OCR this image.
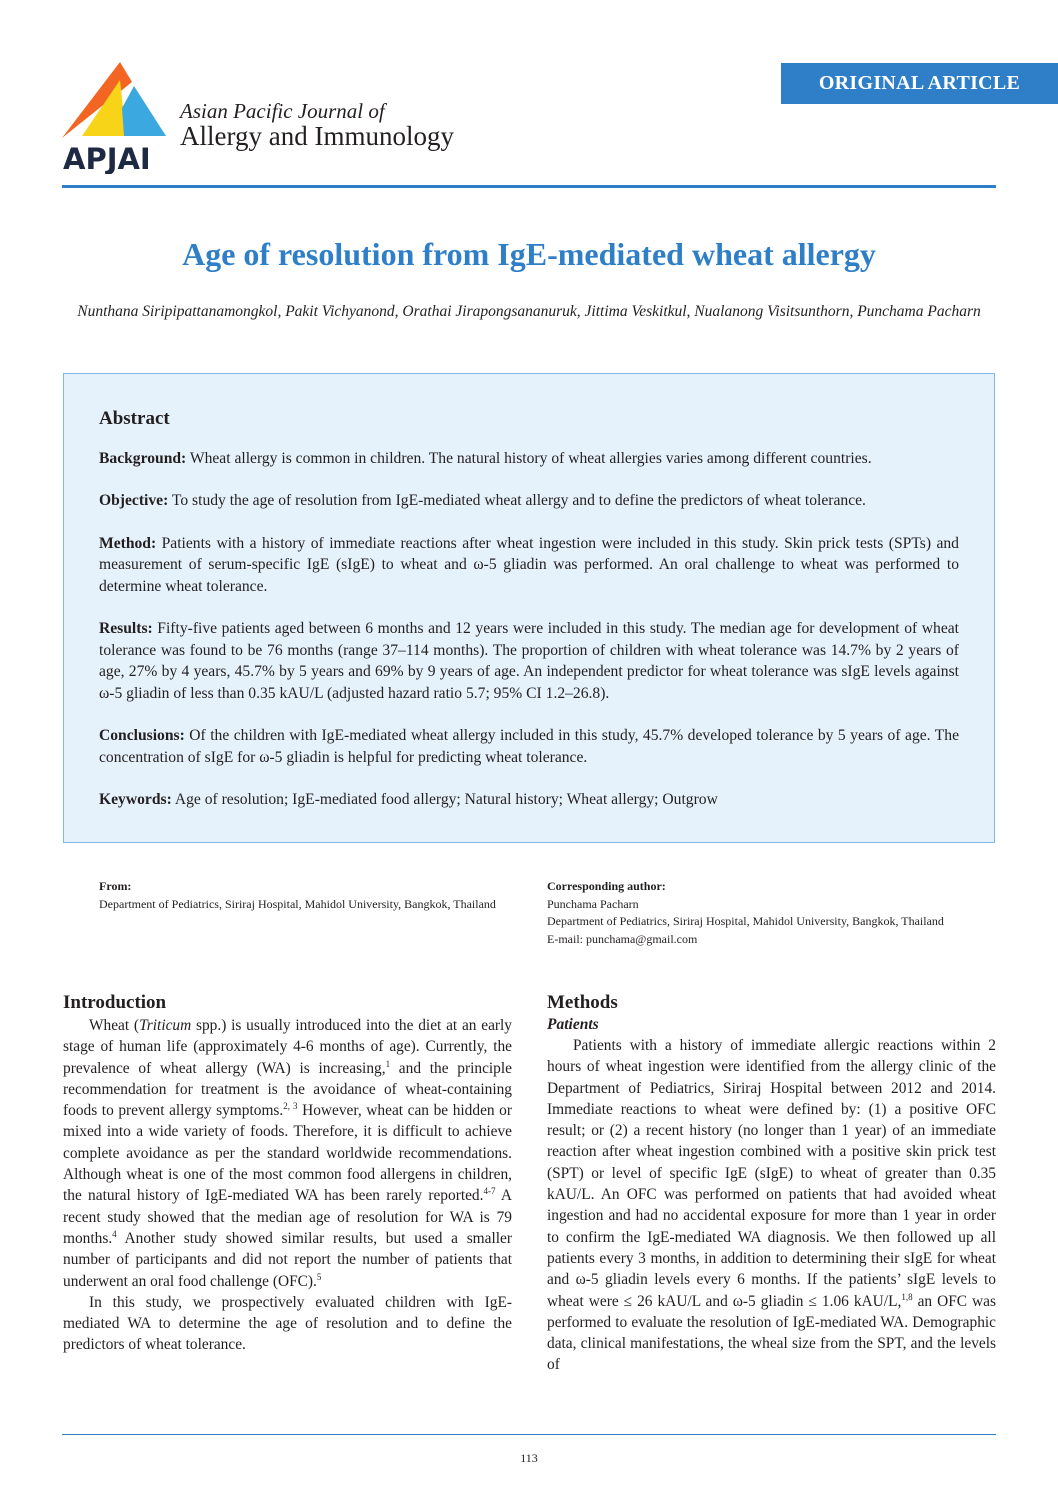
ORIGINAL ARTICLE
APJAI
Asian Pacific Journal of
Allergy and Immunology
Age of resolution from IgE-mediated wheat allergy
Nunthana Siripipattanamongkol, Pakit Vichyanond, Orathai Jirapongsananuruk, Jittima Veskitkul, Nualanong Visitsunthorn, Punchama Pacharn
Abstract

Background: Wheat allergy is common in children. The natural history of wheat allergies varies among different countries.

Objective: To study the age of resolution from IgE-mediated wheat allergy and to define the predictors of wheat tolerance.

Method: Patients with a history of immediate reactions after wheat ingestion were included in this study. Skin prick tests (SPTs) and measurement of serum-specific IgE (sIgE) to wheat and ω-5 gliadin was performed. An oral challenge to wheat was performed to determine wheat tolerance.

Results: Fifty-five patients aged between 6 months and 12 years were included in this study. The median age for development of wheat tolerance was found to be 76 months (range 37–114 months). The proportion of children with wheat tolerance was 14.7% by 2 years of age, 27% by 4 years, 45.7% by 5 years and 69% by 9 years of age. An independent predictor for wheat tolerance was sIgE levels against ω-5 gliadin of less than 0.35 kAU/L (adjusted hazard ratio 5.7; 95% CI 1.2–26.8).

Conclusions: Of the children with IgE-mediated wheat allergy included in this study, 45.7% developed tolerance by 5 years of age. The concentration of sIgE for ω-5 gliadin is helpful for predicting wheat tolerance.

Keywords: Age of resolution; IgE-mediated food allergy; Natural history; Wheat allergy; Outgrow

From:
Department of Pediatrics, Siriraj Hospital, Mahidol University, Bangkok, Thailand
Corresponding author:
Punchama Pacharn
Department of Pediatrics, Siriraj Hospital, Mahidol University, Bangkok, Thailand
E-mail: punchama@gmail.com
Introduction

Wheat (Triticum spp.) is usually introduced into the diet at an early stage of human life (approximately 4-6 months of age). Currently, the prevalence of wheat allergy (WA) is increasing,$^1$ and the principle recommendation for treatment is the avoidance of wheat-containing foods to prevent allergy symptoms.$^{2, 3}$ However, wheat can be hidden or mixed into a wide variety of foods. Therefore, it is difficult to achieve complete avoidance as per the standard worldwide recommendations. Although wheat is one of the most common food allergens in children, the natural history of IgE-mediated WA has been rarely reported.$^{4-7}$ A recent study showed that the median age of resolution for WA is 79 months.$^4$ Another study showed similar results, but used a smaller number of participants and did not report the number of patients that underwent an oral food challenge (OFC).$^5$

In this study, we prospectively evaluated children with IgE-mediated WA to determine the age of resolution and to define the predictors of wheat tolerance.

Methods
Patients

Patients with a history of immediate allergic reactions within 2 hours of wheat ingestion were identified from the allergy clinic of the Department of Pediatrics, Siriraj Hospital between 2012 and 2014. Immediate reactions to wheat were defined by: (1) a positive OFC result; or (2) a recent history (no longer than 1 year) of an immediate reaction after wheat ingestion combined with a positive skin prick test (SPT) or level of specific IgE (sIgE) to wheat of greater than 0.35 kAU/L. An OFC was performed on patients that had avoided wheat ingestion and had no accidental exposure for more than 1 year in order to confirm the IgE-mediated WA diagnosis. We then followed up all patients every 3 months, in addition to determining their sIgE for wheat and ω-5 gliadin levels every 6 months. If the patients’ sIgE levels to wheat were ≤ 26 kAU/L and ω-5 gliadin ≤ 1.06 kAU/L,$^{1,8}$ an OFC was performed to evaluate the resolution of IgE-mediated WA. Demographic data, clinical manifestations, the wheal size from the SPT, and the levels of

113
